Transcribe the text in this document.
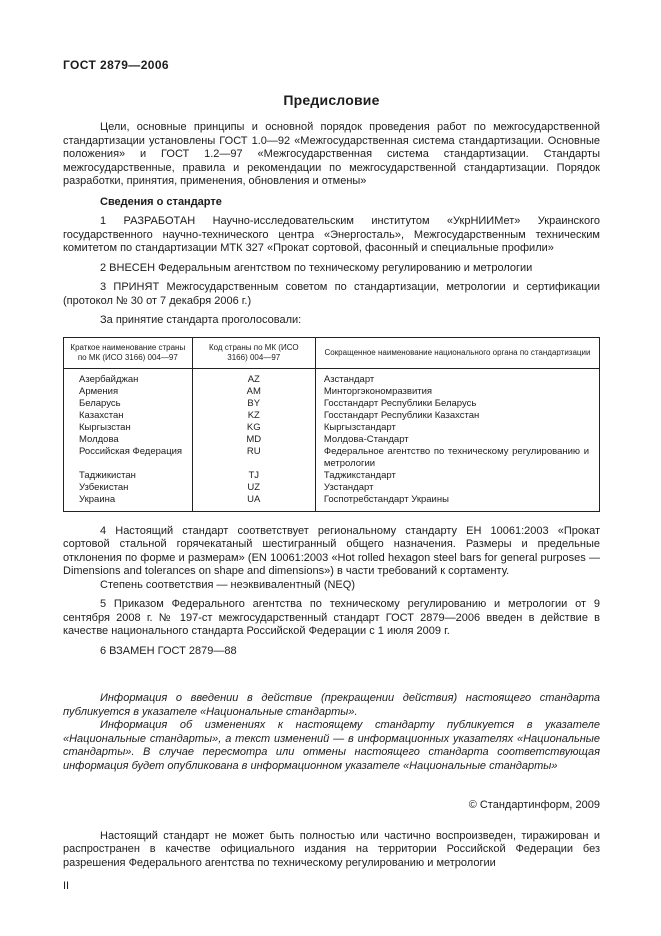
ГОСТ 2879—2006

Предисловие

Цели, основные принципы и основной порядок проведения работ по межгосударственной стандартизации установлены ГОСТ 1.0—92 «Межгосударственная система стандартизации. Основные положения» и ГОСТ 1.2—97 «Межгосударственная система стандартизации. Стандарты межгосударственные, правила и рекомендации по межгосударственной стандартизации. Порядок разработки, принятия, применения, обновления и отмены»

Сведения о стандарте

1 РАЗРАБОТАН Научно-исследовательским институтом «УкрНИИМет» Украинского государственного научно-технического центра «Энергосталь», Межгосударственным техническим комитетом по стандартизации МТК 327 «Прокат сортовой, фасонный и специальные профили»

2 ВНЕСЕН Федеральным агентством по техническому регулированию и метрологии

3 ПРИНЯТ Межгосударственным советом по стандартизации, метрологии и сертификации (протокол № 30 от 7 декабря 2006 г.)

За принятие стандарта проголосовали:

Краткое наименование страны по МК (ИСО 3166) 004—97	Код страны по МК (ИСО 3166) 004—97	Сокращенное наименование национального органа по стандартизации
Азербайджан	AZ	Азстандарт
Армения	AM	Минторгэкономразвития
Беларусь	BY	Госстандарт Республики Беларусь
Казахстан	KZ	Госстандарт Республики Казахстан
Кыргызстан	KG	Кыргызстандарт
Молдова	MD	Молдова-Стандарт
Российская Федерация	RU	Федеральное агентство по техническому регулированию и метрологии
Таджикистан	TJ	Таджикстандарт
Узбекистан	UZ	Узстандарт
Украина	UA	Госпотребстандарт Украины

4 Настоящий стандарт соответствует региональному стандарту ЕН 10061:2003 «Прокат сортовой стальной горячекатаный шестигранный общего назначения. Размеры и предельные отклонения по форме и размерам» (EN 10061:2003 «Hot rolled hexagon steel bars for general purposes — Dimensions and tolerances on shape and dimensions») в части требований к сортаменту.

Степень соответствия — неэквивалентный (NEQ)

5 Приказом Федерального агентства по техническому регулированию и метрологии от 9 сентября 2008 г. № 197-ст межгосударственный стандарт ГОСТ 2879—2006 введен в действие в качестве национального стандарта Российской Федерации с 1 июля 2009 г.

6 ВЗАМЕН ГОСТ 2879—88

Информация о введении в действие (прекращении действия) настоящего стандарта публикуется в указателе «Национальные стандарты».

Информация об изменениях к настоящему стандарту публикуется в указателе «Национальные стандарты», а текст изменений — в информационных указателях «Национальные стандарты». В случае пересмотра или отмены настоящего стандарта соответствующая информация будет опубликована в информационном указателе «Национальные стандарты»

© Стандартинформ, 2009

Настоящий стандарт не может быть полностью или частично воспроизведен, тиражирован и распространен в качестве официального издания на территории Российской Федерации без разрешения Федерального агентства по техническому регулированию и метрологии

II
